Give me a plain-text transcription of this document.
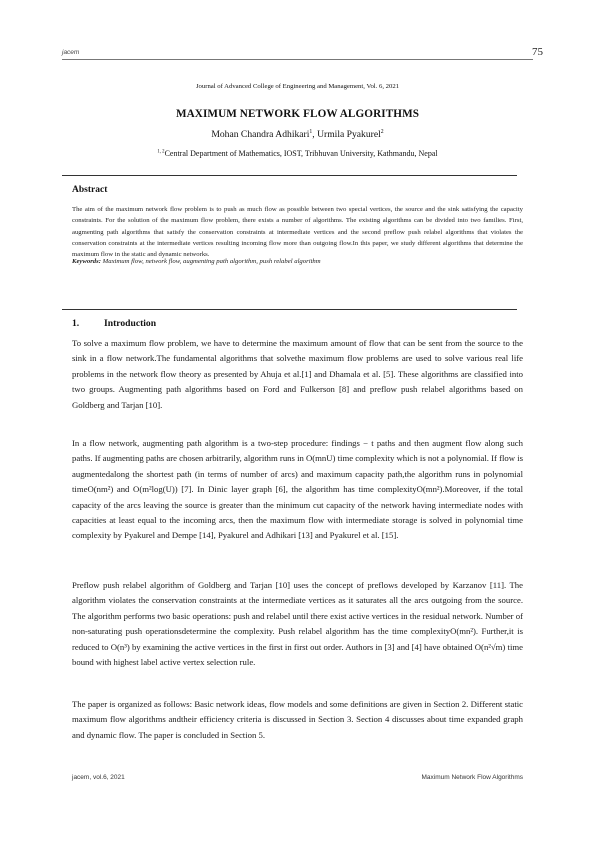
jacem	75
Journal of Advanced College of Engineering and Management, Vol. 6, 2021
MAXIMUM NETWORK FLOW ALGORITHMS
Mohan Chandra Adhikari$^1$, Urmila Pyakurel$^2$
$^{1, 2}$Central Department of Mathematics, IOST, Tribhuvan University, Kathmandu, Nepal
Abstract
The aim of the maximum network flow problem is to push as much flow as possible between two special vertices, the source and the sink satisfying the capacity constraints. For the solution of the maximum flow problem, there exists a number of algorithms. The existing algorithms can be divided into two families. First, augmenting path algorithms that satisfy the conservation constraints at intermediate vertices and the second preflow push relabel algorithms that violates the conservation constraints at the intermediate vertices resulting incoming flow more than outgoing flow.In this paper, we study different algorithms that determine the maximum flow in the static and dynamic networks.
Keywords: Maximum flow, network flow, augmenting path algorithm, push relabel algorithm
1.	Introduction
To solve a maximum flow problem, we have to determine the maximum amount of flow that can be sent from the source to the sink in a flow network.The fundamental algorithms that solvethe maximum flow problems are used to solve various real life problems in the network flow theory as presented by Ahuja et al.[1] and Dhamala et al. [5]. These algorithms are classified into two groups. Augmenting path algorithms based on Ford and Fulkerson [8] and preflow push relabel algorithms based on Goldberg and Tarjan [10].
In a flow network, augmenting path algorithm is a two-step procedure: findings − t paths and then augment flow along such paths. If augmenting paths are chosen arbitrarily, algorithm runs in O(mnU) time complexity which is not a polynomial. If flow is augmentedalong the shortest path (in terms of number of arcs) and maximum capacity path,the algorithm runs in polynomial timeO(nm²) and O(m²log(U)) [7]. In Dinic layer graph [6], the algorithm has time complexityO(mn²).Moreover, if the total capacity of the arcs leaving the source is greater than the minimum cut capacity of the network having intermediate nodes with capacities at least equal to the incoming arcs, then the maximum flow with intermediate storage is solved in polynomial time complexity by Pyakurel and Dempe [14], Pyakurel and Adhikari [13] and Pyakurel et al. [15].
Preflow push relabel algorithm of Goldberg and Tarjan [10] uses the concept of preflows developed by Karzanov [11]. The algorithm violates the conservation constraints at the intermediate vertices as it saturates all the arcs outgoing from the source. The algorithm performs two basic operations: push and relabel until there exist active vertices in the residual network. Number of non-saturating push operationsdetermine the complexity. Push relabel algorithm has the time complexityO(mn²). Further,it is reduced to O(n³) by examining the active vertices in the first in first out order. Authors in [3] and [4] have obtained O(n²√m) time bound with highest label active vertex selection rule.
The paper is organized as follows: Basic network ideas, flow models and some definitions are given in Section 2. Different static maximum flow algorithms andtheir efficiency criteria is discussed in Section 3. Section 4 discusses about time expanded graph and dynamic flow. The paper is concluded in Section 5.
jacem, vol.6, 2021	Maximum Network Flow Algorithms
